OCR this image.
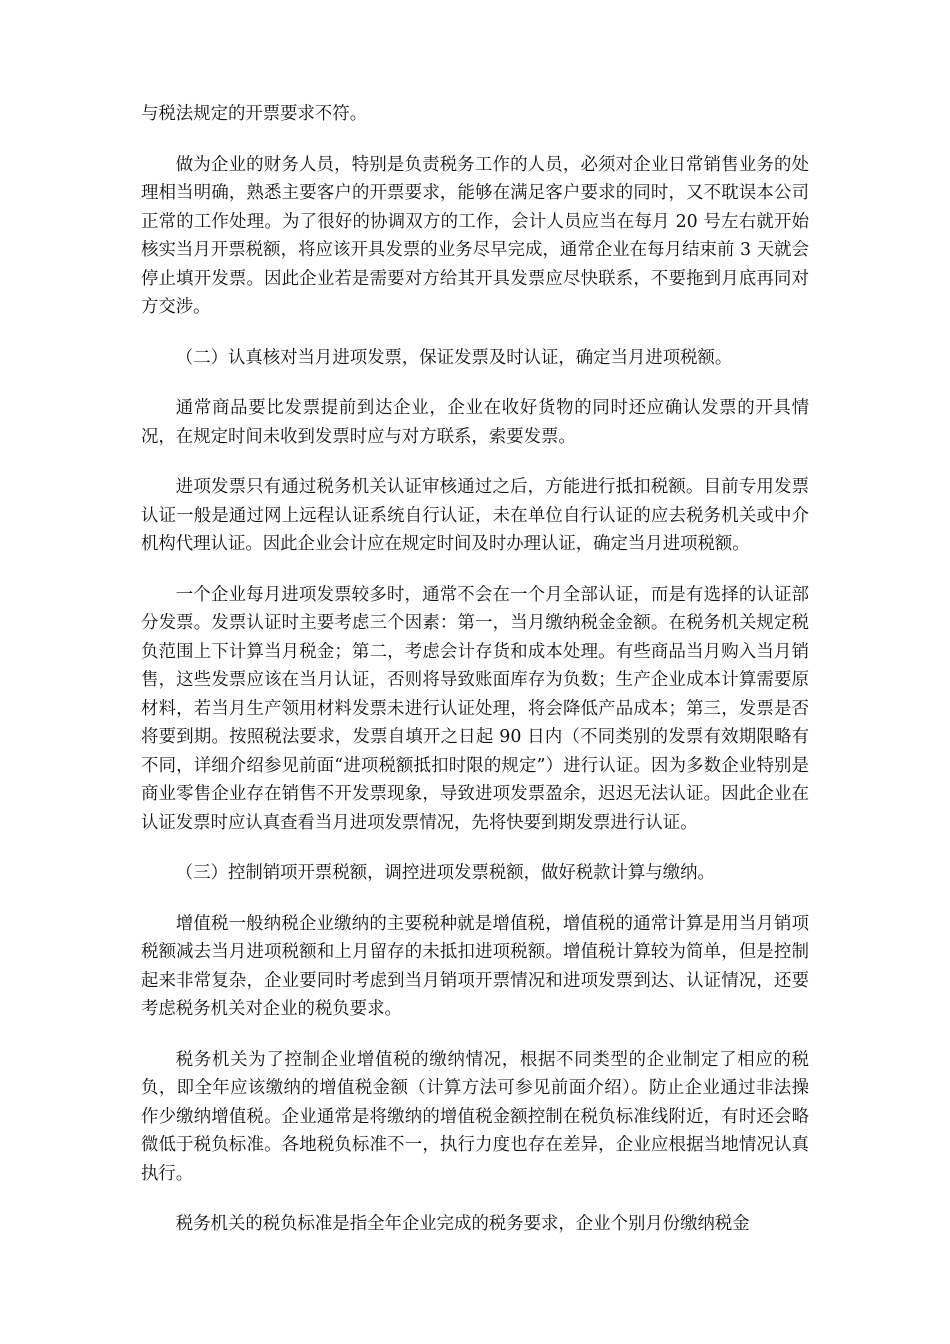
与税法规定的开票要求不符。

做为企业的财务人员，特别是负责税务工作的人员，必须对企业日常销售业务的处理相当明确，熟悉主要客户的开票要求，能够在满足客户要求的同时，又不耽误本公司正常的工作处理。为了很好的协调双方的工作，会计人员应当在每月 20 号左右就开始核实当月开票税额，将应该开具发票的业务尽早完成，通常企业在每月结束前 3 天就会停止填开发票。因此企业若是需要对方给其开具发票应尽快联系，不要拖到月底再同对方交涉。

（二）认真核对当月进项发票，保证发票及时认证，确定当月进项税额。

通常商品要比发票提前到达企业，企业在收好货物的同时还应确认发票的开具情况，在规定时间未收到发票时应与对方联系，索要发票。

进项发票只有通过税务机关认证审核通过之后，方能进行抵扣税额。目前专用发票认证一般是通过网上远程认证系统自行认证，未在单位自行认证的应去税务机关或中介机构代理认证。因此企业会计应在规定时间及时办理认证，确定当月进项税额。

一个企业每月进项发票较多时，通常不会在一个月全部认证，而是有选择的认证部分发票。发票认证时主要考虑三个因素：第一，当月缴纳税金金额。在税务机关规定税负范围上下计算当月税金；第二，考虑会计存货和成本处理。有些商品当月购入当月销售，这些发票应该在当月认证，否则将导致账面库存为负数；生产企业成本计算需要原材料，若当月生产领用材料发票未进行认证处理，将会降低产品成本；第三，发票是否将要到期。按照税法要求，发票自填开之日起 90 日内（不同类别的发票有效期限略有不同，详细介绍参见前面“进项税额抵扣时限的规定”）进行认证。因为多数企业特别是商业零售企业存在销售不开发票现象，导致进项发票盈余，迟迟无法认证。因此企业在认证发票时应认真查看当月进项发票情况，先将快要到期发票进行认证。

（三）控制销项开票税额，调控进项发票税额，做好税款计算与缴纳。

增值税一般纳税企业缴纳的主要税种就是增值税，增值税的通常计算是用当月销项税额减去当月进项税额和上月留存的未抵扣进项税额。增值税计算较为简单，但是控制起来非常复杂，企业要同时考虑到当月销项开票情况和进项发票到达、认证情况，还要考虑税务机关对企业的税负要求。

税务机关为了控制企业增值税的缴纳情况，根据不同类型的企业制定了相应的税负，即全年应该缴纳的增值税金额（计算方法可参见前面介绍）。防止企业通过非法操作少缴纳增值税。企业通常是将缴纳的增值税金额控制在税负标准线附近，有时还会略微低于税负标准。各地税负标准不一，执行力度也存在差异，企业应根据当地情况认真执行。

税务机关的税负标准是指全年企业完成的税务要求，企业个别月份缴纳税金
